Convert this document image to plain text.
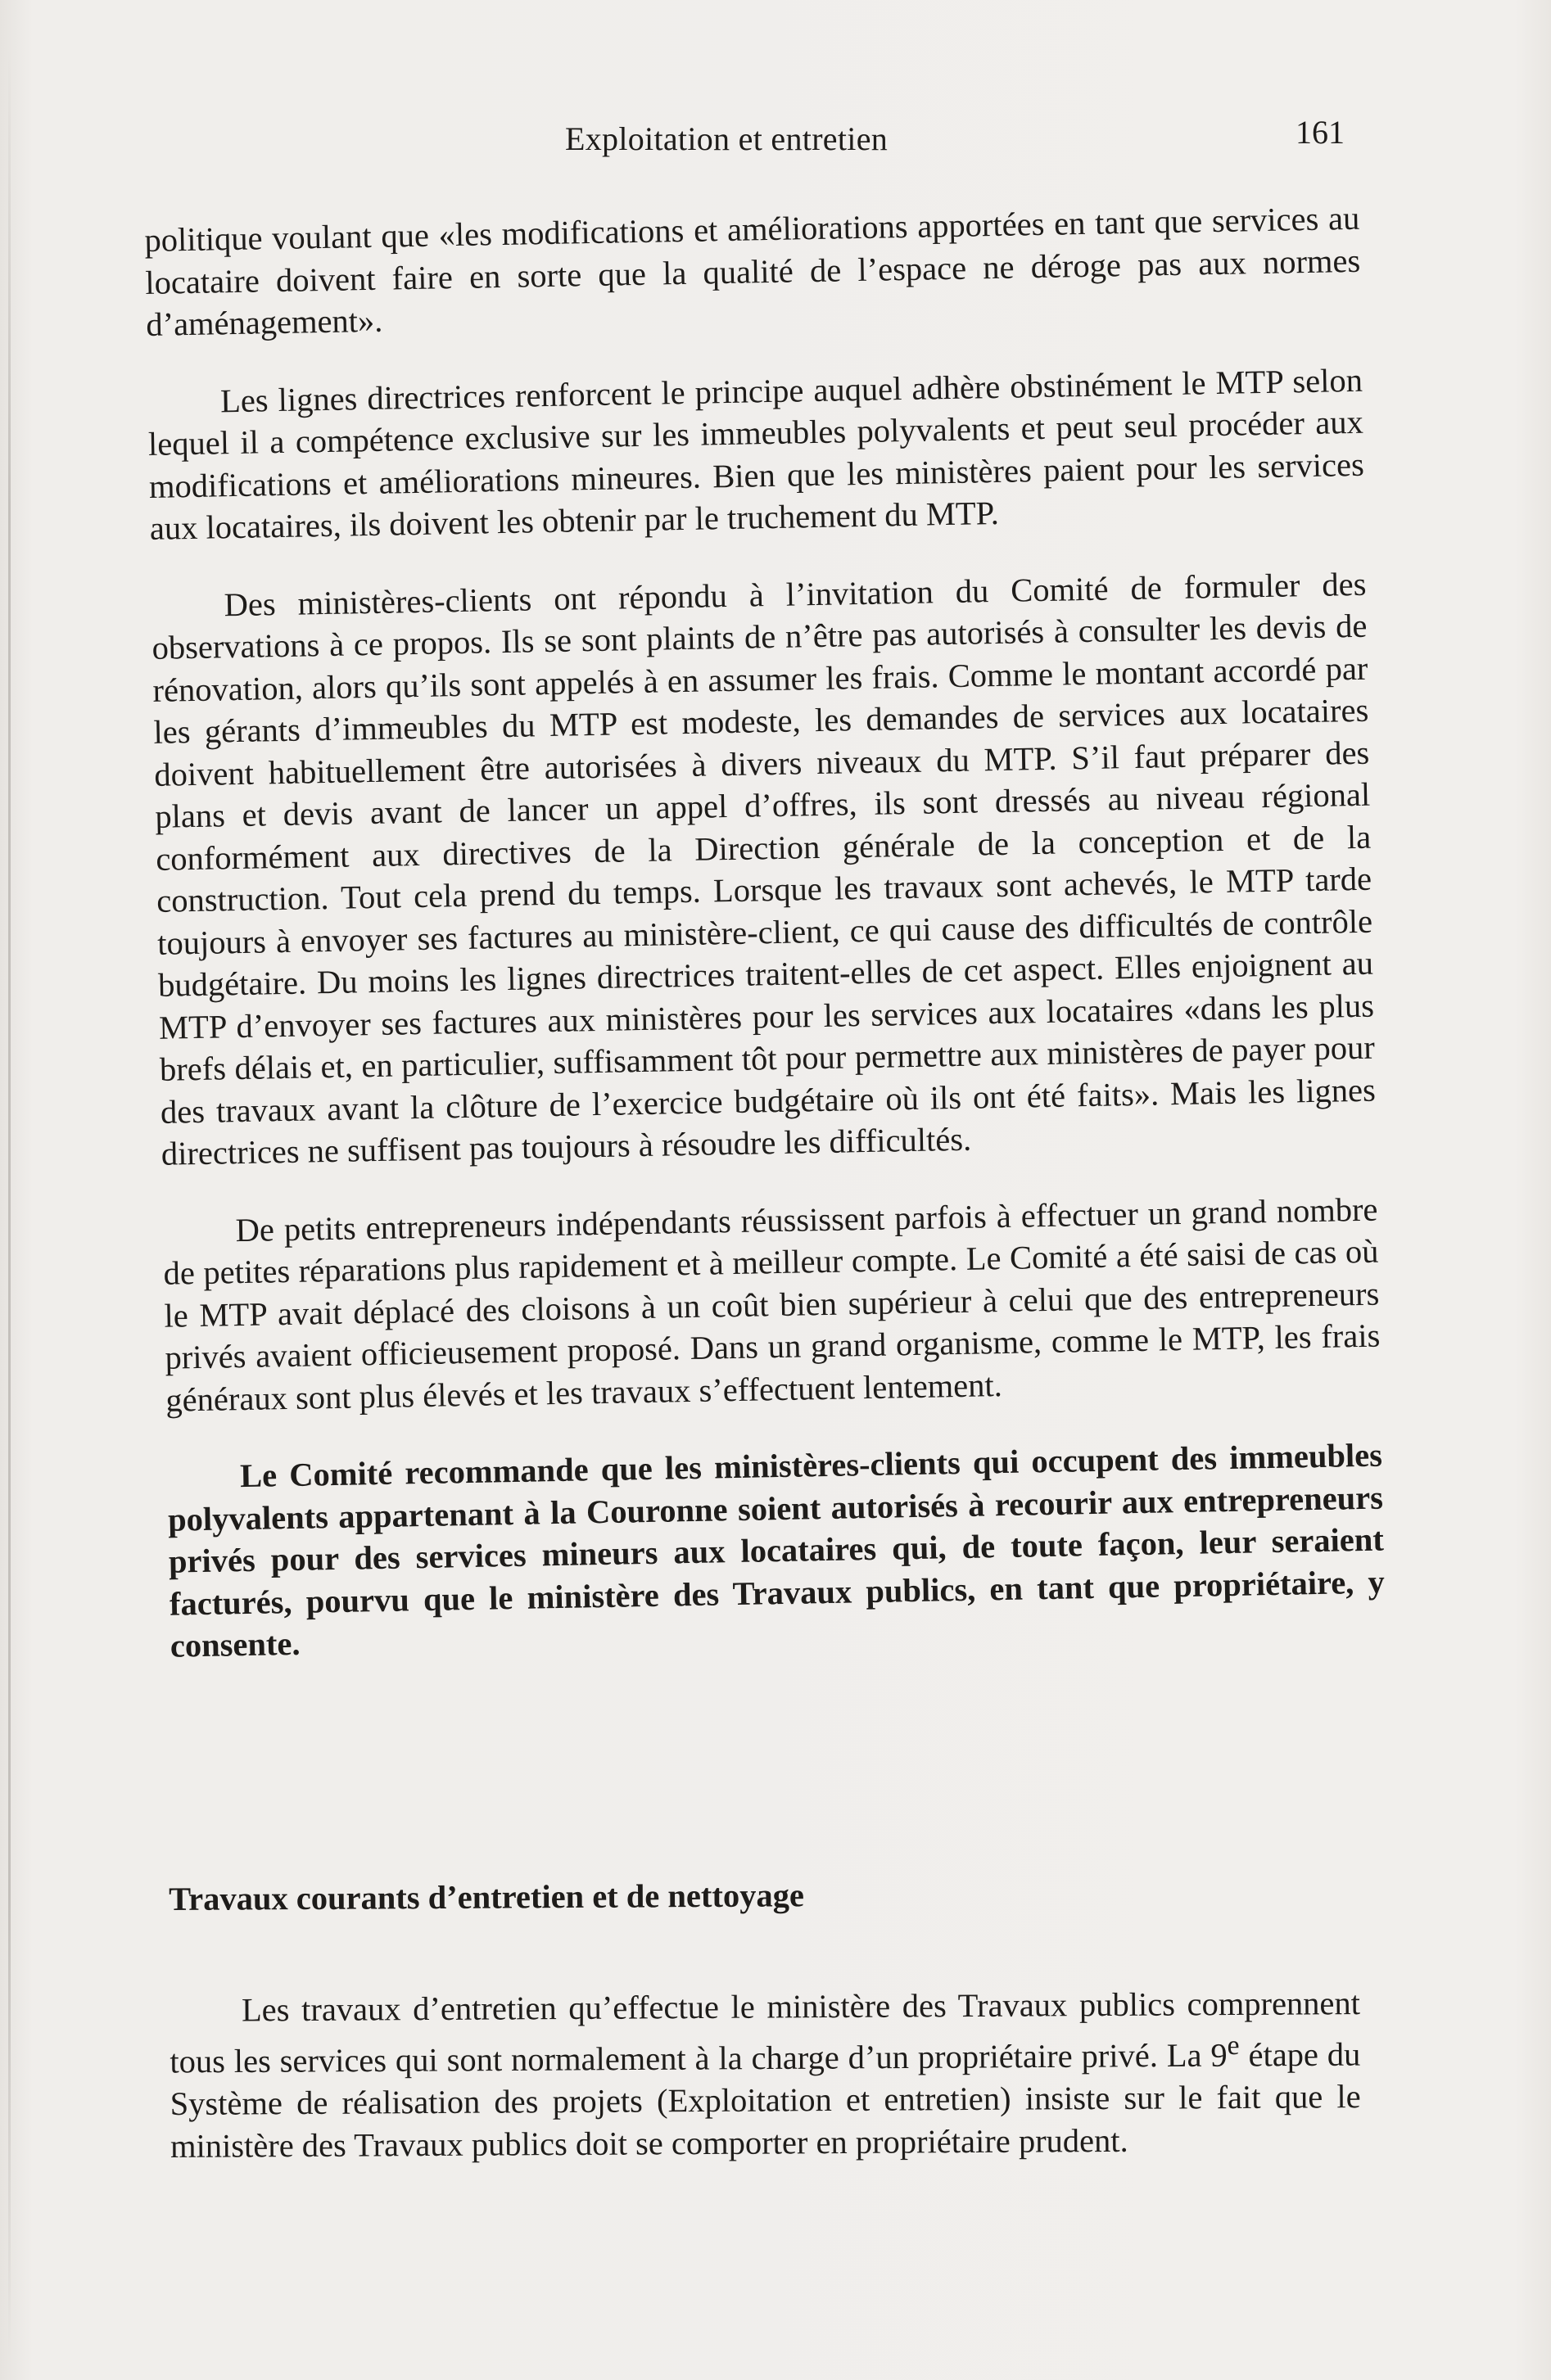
Exploitation et entretien	161

politique voulant que «les modifications et améliorations apportées en tant que services au locataire doivent faire en sorte que la qualité de l’espace ne déroge pas aux normes d’aménagement».

Les lignes directrices renforcent le principe auquel adhère obstinément le MTP selon lequel il a compétence exclusive sur les immeubles polyvalents et peut seul procéder aux modifications et améliorations mineures. Bien que les ministères paient pour les services aux locataires, ils doivent les obtenir par le truchement du MTP.

Des ministères-clients ont répondu à l’invitation du Comité de formuler des observations à ce propos. Ils se sont plaints de n’être pas autorisés à consulter les devis de rénovation, alors qu’ils sont appelés à en assumer les frais. Comme le montant accordé par les gérants d’immeubles du MTP est modeste, les demandes de services aux locataires doivent habituellement être autorisées à divers niveaux du MTP. S’il faut préparer des plans et devis avant de lancer un appel d’offres, ils sont dressés au niveau régional conformément aux directives de la Direction générale de la conception et de la construction. Tout cela prend du temps. Lorsque les travaux sont achevés, le MTP tarde toujours à envoyer ses factures au ministère-client, ce qui cause des difficultés de contrôle budgétaire. Du moins les lignes directrices traitent-elles de cet aspect. Elles enjoignent au MTP d’envoyer ses factures aux ministères pour les services aux locataires «dans les plus brefs délais et, en particulier, suffisamment tôt pour permettre aux ministères de payer pour des travaux avant la clôture de l’exercice budgétaire où ils ont été faits». Mais les lignes directrices ne suffisent pas toujours à résoudre les difficultés.

De petits entrepreneurs indépendants réussissent parfois à effectuer un grand nombre de petites réparations plus rapidement et à meilleur compte. Le Comité a été saisi de cas où le MTP avait déplacé des cloisons à un coût bien supérieur à celui que des entrepreneurs privés avaient officieusement proposé. Dans un grand organisme, comme le MTP, les frais généraux sont plus élevés et les travaux s’effectuent lentement.

Le Comité recommande que les ministères-clients qui occupent des immeubles polyvalents appartenant à la Couronne soient autorisés à recourir aux entrepreneurs privés pour des services mineurs aux locataires qui, de toute façon, leur seraient facturés, pourvu que le ministère des Travaux publics, en tant que propriétaire, y consente.

Travaux courants d’entretien et de nettoyage

Les travaux d’entretien qu’effectue le ministère des Travaux publics comprennent tous les services qui sont normalement à la charge d’un propriétaire privé. La 9e étape du Système de réalisation des projets (Exploitation et entretien) insiste sur le fait que le ministère des Travaux publics doit se comporter en propriétaire prudent.
